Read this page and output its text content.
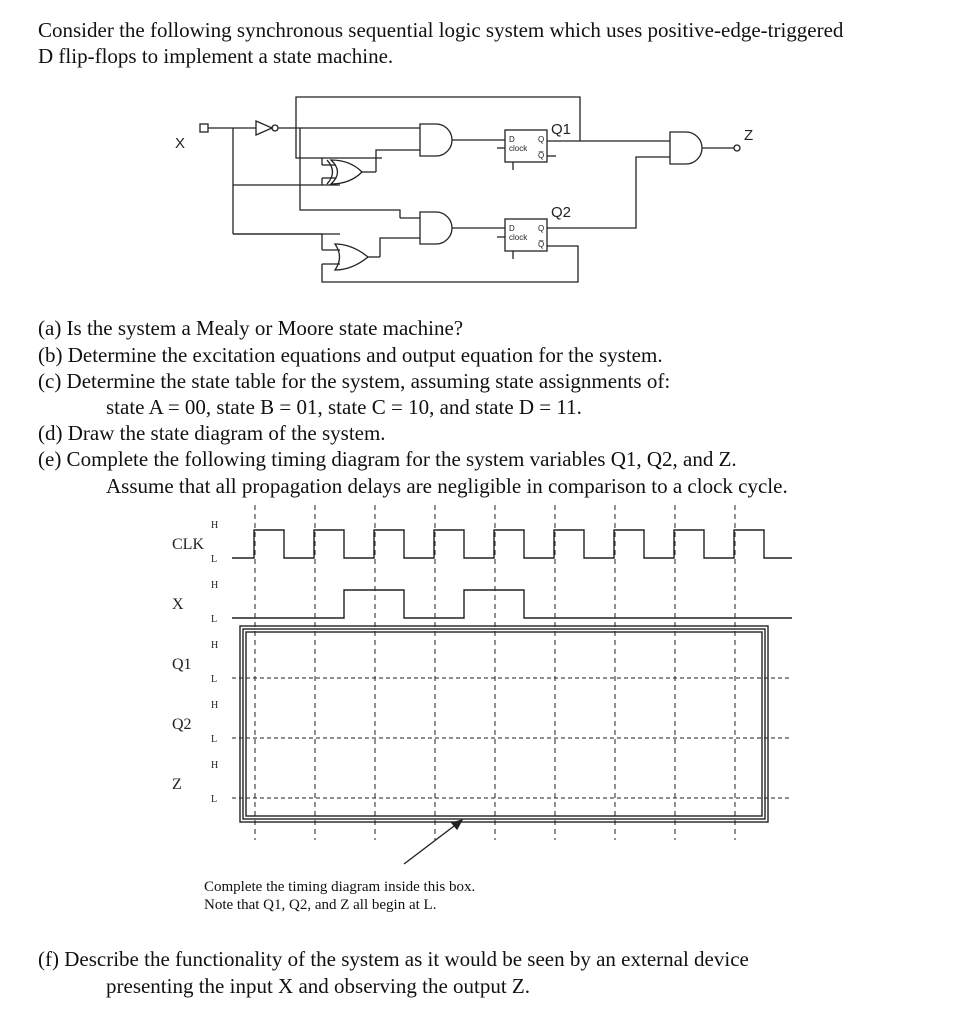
Consider the following synchronous sequential logic system which uses positive-edge-triggered
D flip-flops to implement a state machine.
X	Z
Q1
Q2
D
clock
Q
Q̅
D
clock
Q
Q̅
(a) Is the system a Mealy or Moore state machine?
(b) Determine the excitation equations and output equation for the system.
(c) Determine the state table for the system, assuming state assignments of:
state A = 00, state B = 01, state C = 10, and state D = 11.
(d) Draw the state diagram of the system.
(e) Complete the following timing diagram for the system variables Q1, Q2, and Z.
Assume that all propagation delays are negligible in comparison to a clock cycle.
CLK
H
L
X
H
L
Q1
H
L
Q2
H
L
Z
H
L
Complete the timing diagram inside this box.
Note that Q1, Q2, and Z all begin at L.
(f) Describe the functionality of the system as it would be seen by an external device
presenting the input X and observing the output Z.
